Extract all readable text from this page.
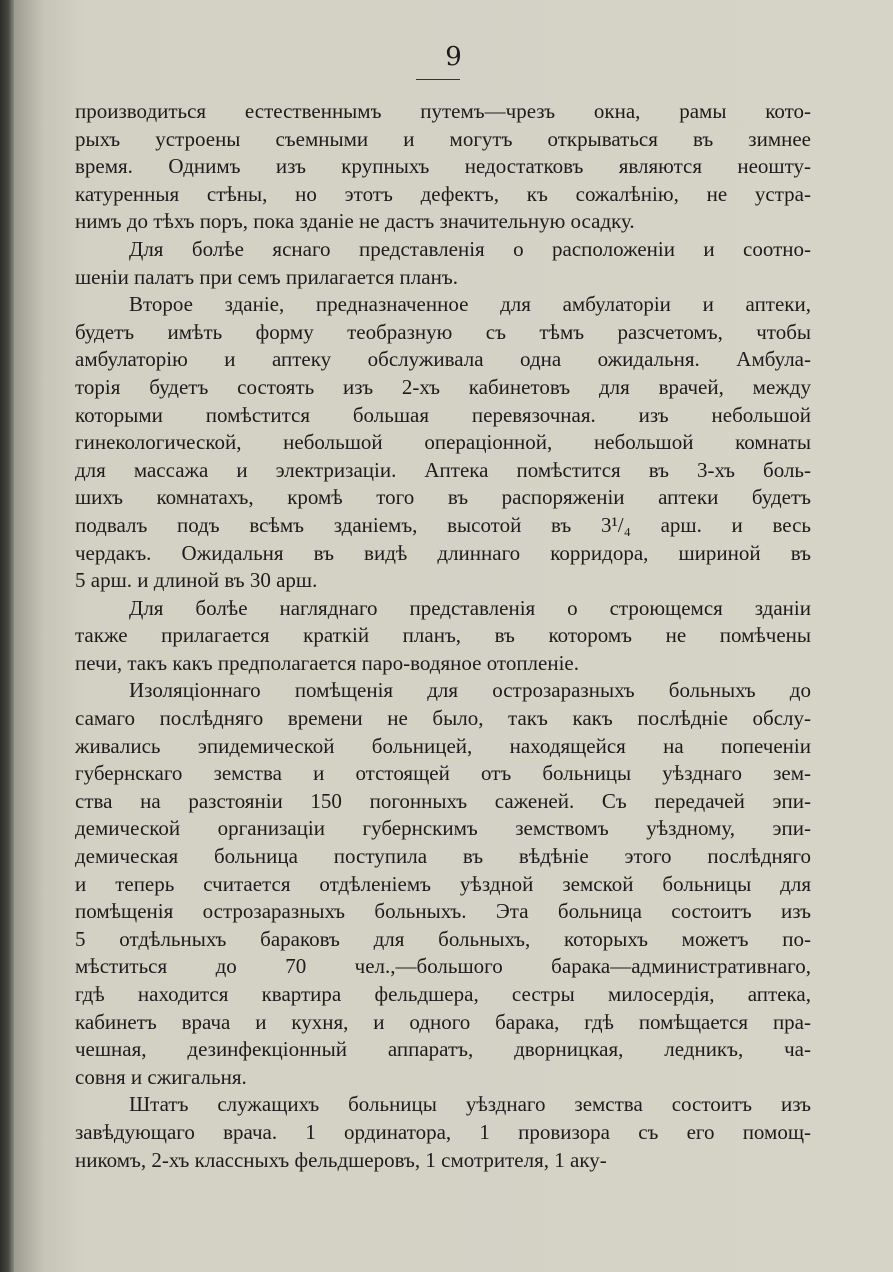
9
производиться естественнымъ путемъ—чрезъ окна, рамы кото-
рыхъ устроены съемными и могутъ открываться въ зимнее
время. Однимъ изъ крупныхъ недостатковъ являются неошту-
катуренныя стѣны, но этотъ дефектъ, къ сожалѣнію, не устра-
нимъ до тѣхъ поръ, пока зданіе не дастъ значительную осадку.
Для болѣе яснаго представленія о расположеніи и соотно-
шеніи палатъ при семъ прилагается планъ.
Второе зданіе, предназначенное для амбулаторіи и аптеки,
будетъ имѣть форму теобразную съ тѣмъ разсчетомъ, чтобы
амбулаторію и аптеку обслуживала одна ожидальня. Амбула-
торія будетъ состоять изъ 2-хъ кабинетовъ для врачей, между
которыми помѣстится большая перевязочная. изъ небольшой
гинекологической, небольшой операціонной, небольшой комнаты
для массажа и электризаціи. Аптека помѣстится въ 3-хъ боль-
шихъ комнатахъ, кромѣ того въ распоряженіи аптеки будетъ
подвалъ подъ всѣмъ зданіемъ, высотой въ 3¹/₄ арш. и весь
чердакъ. Ожидальня въ видѣ длиннаго корридора, шириной въ
5 арш. и длиной въ 30 арш.
Для болѣе нагляднаго представленія о строющемся зданіи
также прилагается краткій планъ, въ которомъ не помѣчены
печи, такъ какъ предполагается паро-водяное отопленіе.
Изоляціоннаго помѣщенія для острозаразныхъ больныхъ до
самаго послѣдняго времени не было, такъ какъ послѣдніе обслу-
живались эпидемической больницей, находящейся на попеченіи
губернскаго земства и отстоящей отъ больницы уѣзднаго зем-
ства на разстояніи 150 погонныхъ саженей. Съ передачей эпи-
демической организаціи губернскимъ земствомъ уѣздному, эпи-
демическая больница поступила въ вѣдѣніе этого послѣдняго
и теперь считается отдѣленіемъ уѣздной земской больницы для
помѣщенія острозаразныхъ больныхъ. Эта больница состоитъ изъ
5 отдѣльныхъ бараковъ для больныхъ, которыхъ можетъ по-
мѣститься до 70 чел.,—большого барака—административнаго,
гдѣ находится квартира фельдшера, сестры милосердія, аптека,
кабинетъ врача и кухня, и одного барака, гдѣ помѣщается пра-
чешная, дезинфекціонный аппаратъ, дворницкая, ледникъ, ча-
совня и сжигальня.
Штатъ служащихъ больницы уѣзднаго земства состоитъ изъ
завѣдующаго врача. 1 ординатора, 1 провизора съ его помощ-
никомъ, 2-хъ классныхъ фельдшеровъ, 1 смотрителя, 1 аку-
